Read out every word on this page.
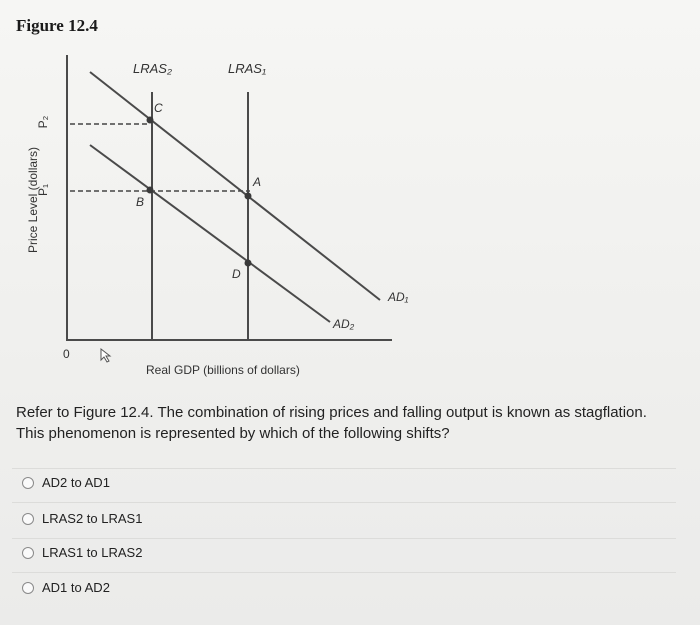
Figure 12.4
Price Level (dollars)
P₂
P₁
LRAS₂	LRAS₁
AD₁
AD₂
C
B
A
D
0
Real GDP (billions of dollars)
Refer to Figure 12.4. The combination of rising prices and falling output is known as stagflation. This phenomenon is represented by which of the following shifts?
AD2 to AD1
LRAS2 to LRAS1
LRAS1 to LRAS2
AD1 to AD2
